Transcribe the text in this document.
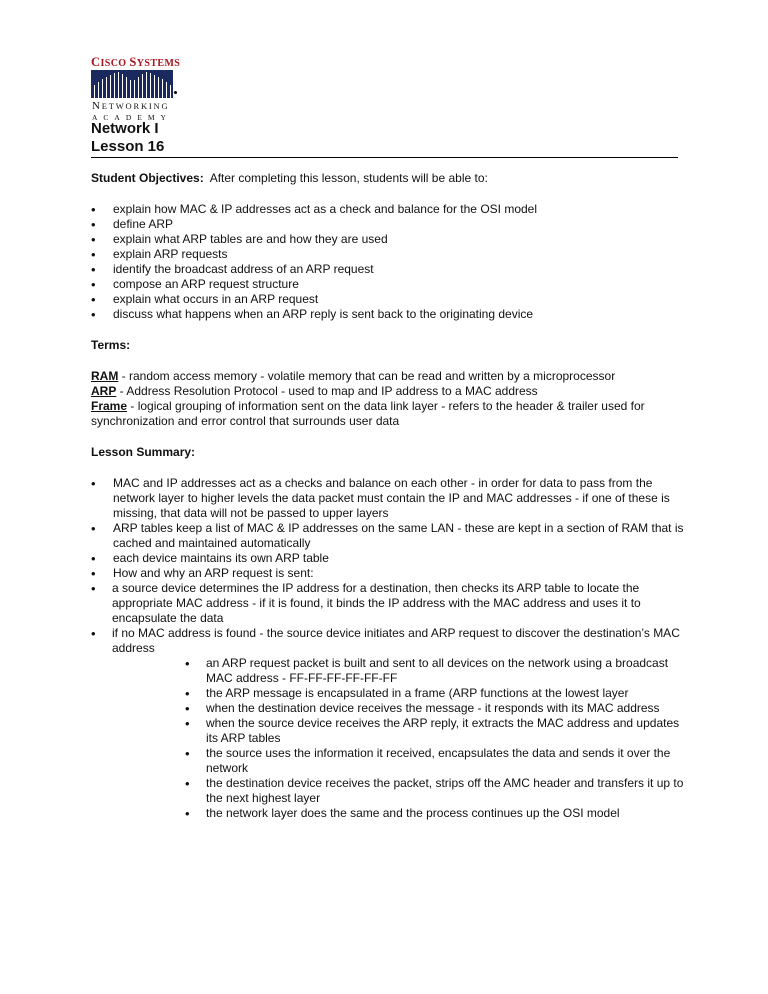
CISCO SYSTEMS
NETWORKING
ACADEMY
Network I
Lesson 16

Student Objectives: After completing this lesson, students will be able to:

• explain how MAC & IP addresses act as a check and balance for the OSI model
• define ARP
• explain what ARP tables are and how they are used
• explain ARP requests
• identify the broadcast address of an ARP request
• compose an ARP request structure
• explain what occurs in an ARP request
• discuss what happens when an ARP reply is sent back to the originating device

Terms:

RAM - random access memory - volatile memory that can be read and written by a microprocessor

ARP - Address Resolution Protocol - used to map and IP address to a MAC address

Frame - logical grouping of information sent on the data link layer - refers to the header & trailer used for synchronization and error control that surrounds user data

Lesson Summary:

• MAC and IP addresses act as a checks and balance on each other - in order for data to pass from the network layer to higher levels the data packet must contain the IP and MAC addresses - if one of these is missing, that data will not be passed to upper layers
• ARP tables keep a list of MAC & IP addresses on the same LAN - these are kept in a section of RAM that is cached and maintained automatically
• each device maintains its own ARP table
• How and why an ARP request is sent:
• a source device determines the IP address for a destination, then checks its ARP table to locate the appropriate MAC address - if it is found, it binds the IP address with the MAC address and uses it to encapsulate the data
• if no MAC address is found - the source device initiates and ARP request to discover the destination’s MAC address
• an ARP request packet is built and sent to all devices on the network using a broadcast MAC address - FF-FF-FF-FF-FF-FF
• the ARP message is encapsulated in a frame (ARP functions at the lowest layer
• when the destination device receives the message - it responds with its MAC address
• when the source device receives the ARP reply, it extracts the MAC address and updates its ARP tables
• the source uses the information it received, encapsulates the data and sends it over the network
• the destination device receives the packet, strips off the AMC header and transfers it up to the next highest layer
• the network layer does the same and the process continues up the OSI model
